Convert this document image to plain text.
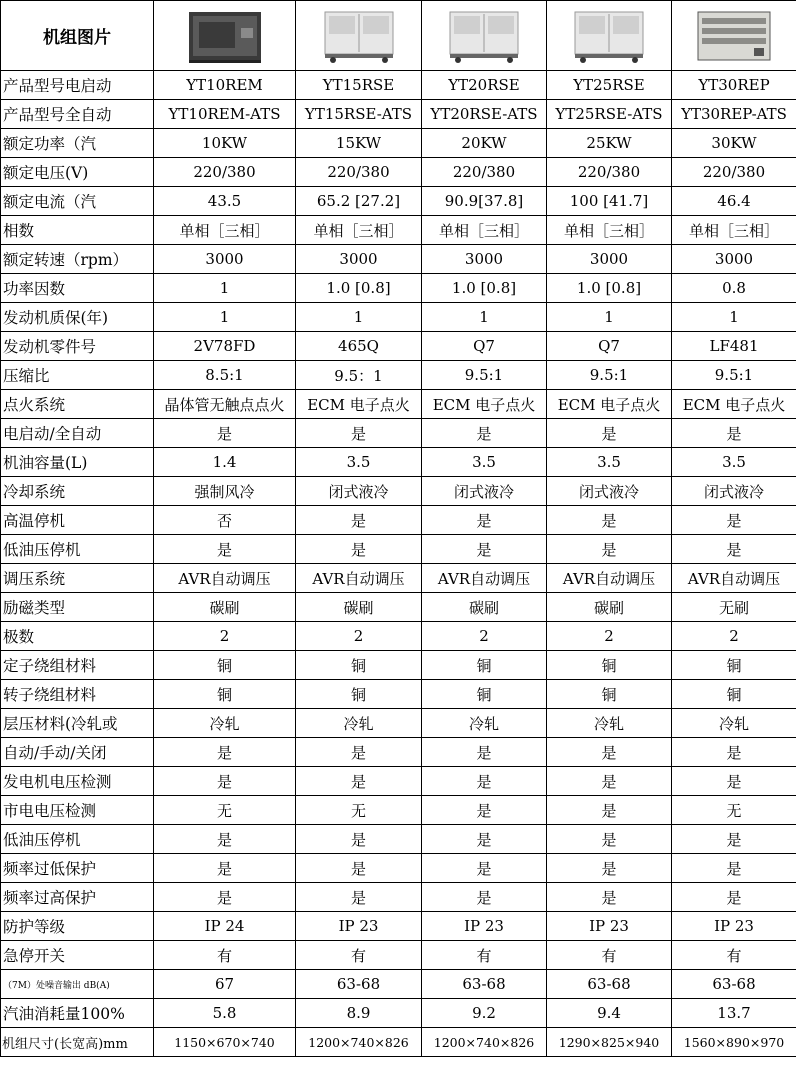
机组图片	

产品型号电启动	YT10REM	YT15RSE	YT20RSE	YT25RSE	YT30REP
产品型号全自动	YT10REM-ATS	YT15RSE-ATS	YT20RSE-ATS	YT25RSE-ATS	YT30REP-ATS
额定功率（汽	10KW	15KW	20KW	25KW	30KW
额定电压(V)	220/380	220/380	220/380	220/380	220/380
额定电流（汽	43.5	65.2 [27.2]	90.9[37.8]	100 [41.7]	46.4
相数	单相［三相］	单相［三相］	单相［三相］	单相［三相］	单相［三相］
额定转速（rpm）	3000	3000	3000	3000	3000
功率因数	1	1.0 [0.8]	1.0 [0.8]	1.0 [0.8]	0.8
发动机质保(年)	1	1	1	1	1
发动机零件号	2V78FD	465Q	Q7	Q7	LF481
压缩比	8.5:1	9.5：1	9.5:1	9.5:1	9.5:1
点火系统	晶体管无触点点火	ECM 电子点火	ECM 电子点火	ECM 电子点火	ECM 电子点火
电启动/全自动	是	是	是	是	是
机油容量(L)	1.4	3.5	3.5	3.5	3.5
冷却系统	强制风冷	闭式液冷	闭式液冷	闭式液冷	闭式液冷
高温停机	否	是	是	是	是
低油压停机	是	是	是	是	是
调压系统	AVR自动调压	AVR自动调压	AVR自动调压	AVR自动调压	AVR自动调压
励磁类型	碳刷	碳刷	碳刷	碳刷	无刷
极数	2	2	2	2	2
定子绕组材料	铜	铜	铜	铜	铜
转子绕组材料	铜	铜	铜	铜	铜
层压材料(冷轧或	冷轧	冷轧	冷轧	冷轧	冷轧
自动/手动/关闭	是	是	是	是	是
发电机电压检测	是	是	是	是	是
市电电压检测	无	无	是	是	无
低油压停机	是	是	是	是	是
频率过低保护	是	是	是	是	是
频率过高保护	是	是	是	是	是
防护等级	IP 24	IP 23	IP 23	IP 23	IP 23
急停开关	有	有	有	有	有
（7M）处噪音输出 dB(A)	67	63-68	63-68	63-68	63-68
汽油消耗量100%	5.8	8.9	9.2	9.4	13.7
机组尺寸(长宽高)mm	1150×670×740	1200×740×826	1200×740×826	1290×825×940	1560×890×970
